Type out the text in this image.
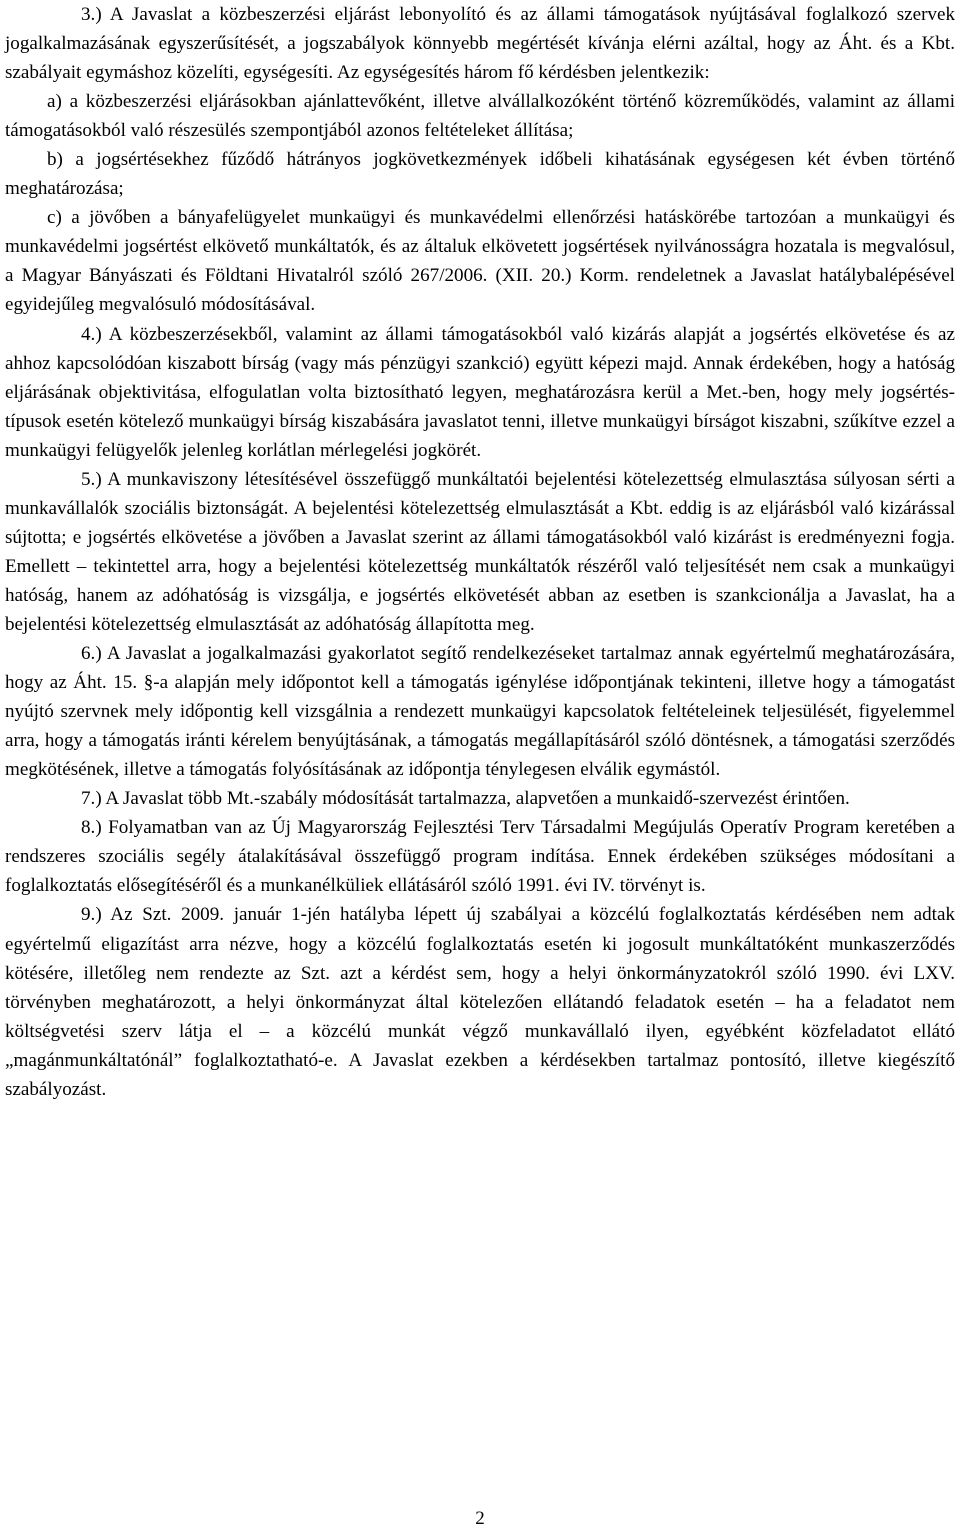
3.) A Javaslat a közbeszerzési eljárást lebonyolító és az állami támogatások nyújtásával foglalkozó szervek jogalkalmazásának egyszerűsítését, a jogszabályok könnyebb megértését kívánja elérni azáltal, hogy az Áht. és a Kbt. szabályait egymáshoz közelíti, egységesíti. Az egységesítés három fő kérdésben jelentkezik:

a) a közbeszerzési eljárásokban ajánlattevőként, illetve alvállalkozóként történő közreműködés, valamint az állami támogatásokból való részesülés szempontjából azonos feltételeket állítása;

b) a jogsértésekhez fűződő hátrányos jogkövetkezmények időbeli kihatásának egységesen két évben történő meghatározása;

c) a jövőben a bányafelügyelet munkaügyi és munkavédelmi ellenőrzési hatáskörébe tartozóan a munkaügyi és munkavédelmi jogsértést elkövető munkáltatók, és az általuk elkövetett jogsértések nyilvánosságra hozatala is megvalósul, a Magyar Bányászati és Földtani Hivatalról szóló 267/2006. (XII. 20.) Korm. rendeletnek a Javaslat hatálybalépésével egyidejűleg megvalósuló módosításával.

4.) A közbeszerzésekből, valamint az állami támogatásokból való kizárás alapját a jogsértés elkövetése és az ahhoz kapcsolódóan kiszabott bírság (vagy más pénzügyi szankció) együtt képezi majd. Annak érdekében, hogy a hatóság eljárásának objektivitása, elfogulatlan volta biztosítható legyen, meghatározásra kerül a Met.-ben, hogy mely jogsértés-típusok esetén kötelező munkaügyi bírság kiszabására javaslatot tenni, illetve munkaügyi bírságot kiszabni, szűkítve ezzel a munkaügyi felügyelők jelenleg korlátlan mérlegelési jogkörét.

5.) A munkaviszony létesítésével összefüggő munkáltatói bejelentési kötelezettség elmulasztása súlyosan sérti a munkavállalók szociális biztonságát. A bejelentési kötelezettség elmulasztását a Kbt. eddig is az eljárásból való kizárással sújtotta; e jogsértés elkövetése a jövőben a Javaslat szerint az állami támogatásokból való kizárást is eredményezni fogja. Emellett – tekintettel arra, hogy a bejelentési kötelezettség munkáltatók részéről való teljesítését nem csak a munkaügyi hatóság, hanem az adóhatóság is vizsgálja, e jogsértés elkövetését abban az esetben is szankcionálja a Javaslat, ha a bejelentési kötelezettség elmulasztását az adóhatóság állapította meg.

6.) A Javaslat a jogalkalmazási gyakorlatot segítő rendelkezéseket tartalmaz annak egyértelmű meghatározására, hogy az Áht. 15. §-a alapján mely időpontot kell a támogatás igénylése időpontjának tekinteni, illetve hogy a támogatást nyújtó szervnek mely időpontig kell vizsgálnia a rendezett munkaügyi kapcsolatok feltételeinek teljesülését, figyelemmel arra, hogy a támogatás iránti kérelem benyújtásának, a támogatás megállapításáról szóló döntésnek, a támogatási szerződés megkötésének, illetve a támogatás folyósításának az időpontja ténylegesen elválik egymástól.

7.) A Javaslat több Mt.-szabály módosítását tartalmazza, alapvetően a munkaidő-szervezést érintően.

8.) Folyamatban van az Új Magyarország Fejlesztési Terv Társadalmi Megújulás Operatív Program keretében a rendszeres szociális segély átalakításával összefüggő program indítása. Ennek érdekében szükséges módosítani a foglalkoztatás elősegítéséről és a munkanélküliek ellátásáról szóló 1991. évi IV. törvényt is.

9.) Az Szt. 2009. január 1-jén hatályba lépett új szabályai a közcélú foglalkoztatás kérdésében nem adtak egyértelmű eligazítást arra nézve, hogy a közcélú foglalkoztatás esetén ki jogosult munkáltatóként munkaszerződés kötésére, illetőleg nem rendezte az Szt. azt a kérdést sem, hogy a helyi önkormányzatokról szóló 1990. évi LXV. törvényben meghatározott, a helyi önkormányzat által kötelezően ellátandó feladatok esetén – ha a feladatot nem költségvetési szerv látja el – a közcélú munkát végző munkavállaló ilyen, egyébként közfeladatot ellátó „magánmunkáltatónál” foglalkoztatható-e. A Javaslat ezekben a kérdésekben tartalmaz pontosító, illetve kiegészítő szabályozást.

2
